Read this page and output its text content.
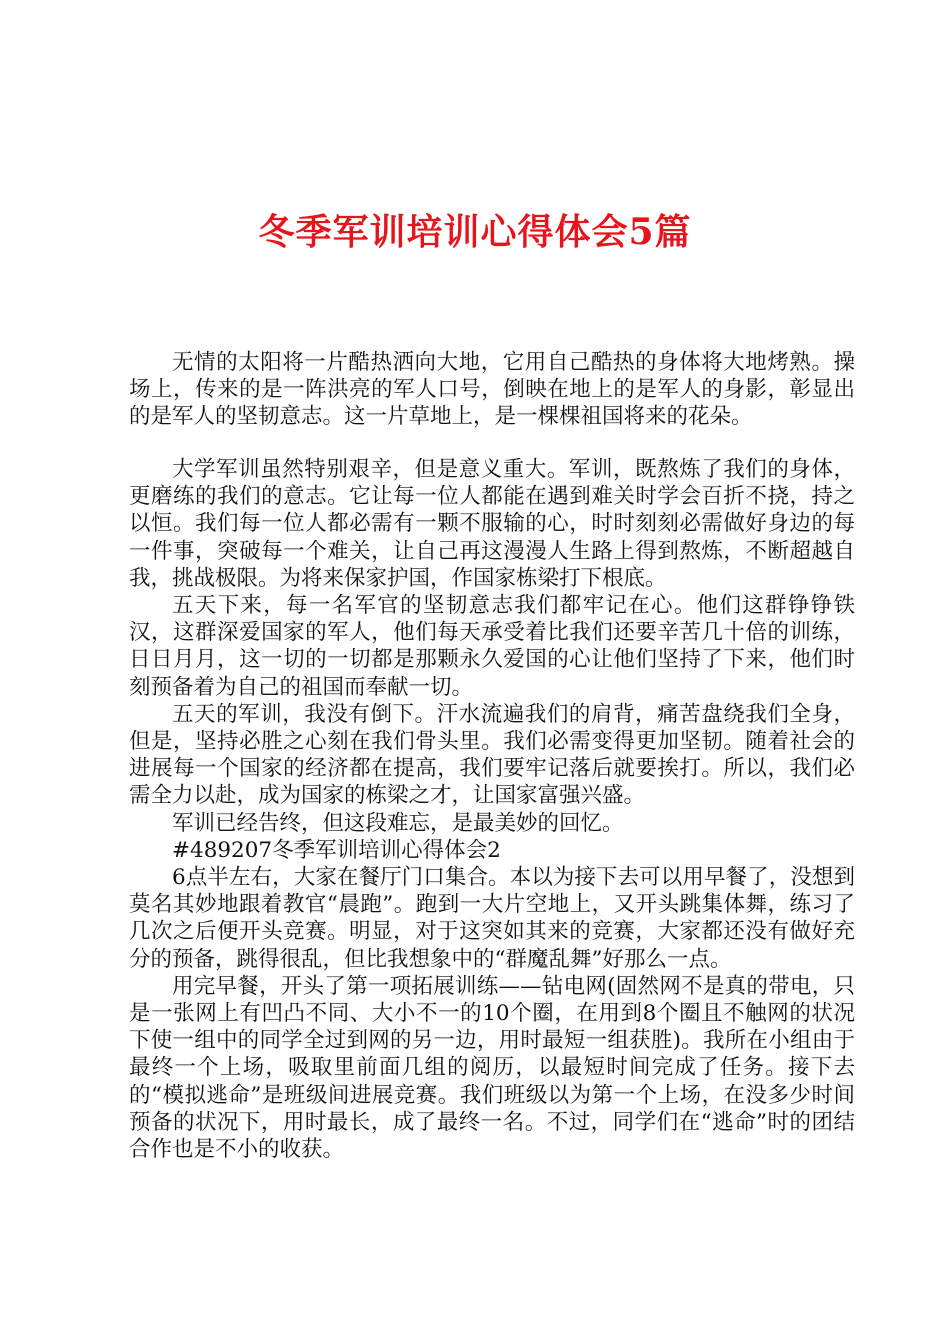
冬季军训培训心得体会5篇

无情的太阳将一片酷热洒向大地，它用自己酷热的身体将大地烤熟。操场上，传来的是一阵洪亮的军人口号，倒映在地上的是军人的身影，彰显出的是军人的坚韧意志。这一片草地上，是一棵棵祖国将来的花朵。

大学军训虽然特别艰辛，但是意义重大。军训，既熬炼了我们的身体，更磨练的我们的意志。它让每一位人都能在遇到难关时学会百折不挠，持之以恒。我们每一位人都必需有一颗不服输的心，时时刻刻必需做好身边的每一件事，突破每一个难关，让自己再这漫漫人生路上得到熬炼，不断超越自我，挑战极限。为将来保家护国，作国家栋梁打下根底。

五天下来，每一名军官的坚韧意志我们都牢记在心。他们这群铮铮铁汉，这群深爱国家的军人，他们每天承受着比我们还要辛苦几十倍的训练，日日月月，这一切的一切都是那颗永久爱国的心让他们坚持了下来，他们时刻预备着为自己的祖国而奉献一切。

五天的军训，我没有倒下。汗水流遍我们的肩背，痛苦盘绕我们全身，但是，坚持必胜之心刻在我们骨头里。我们必需变得更加坚韧。随着社会的进展每一个国家的经济都在提高，我们要牢记落后就要挨打。所以，我们必需全力以赴，成为国家的栋梁之才，让国家富强兴盛。

军训已经告终，但这段难忘，是最美妙的回忆。

#489207冬季军训培训心得体会2

6点半左右，大家在餐厅门口集合。本以为接下去可以用早餐了，没想到莫名其妙地跟着教官“晨跑”。跑到一大片空地上，又开头跳集体舞，练习了几次之后便开头竞赛。明显，对于这突如其来的竞赛，大家都还没有做好充分的预备，跳得很乱，但比我想象中的“群魔乱舞”好那么一点。

用完早餐，开头了第一项拓展训练——钻电网(固然网不是真的带电，只是一张网上有凹凸不同、大小不一的10个圈，在用到8个圈且不触网的状况下使一组中的同学全过到网的另一边，用时最短一组获胜)。我所在小组由于最终一个上场，吸取里前面几组的阅历，以最短时间完成了任务。接下去的“模拟逃命”是班级间进展竞赛。我们班级以为第一个上场，在没多少时间预备的状况下，用时最长，成了最终一名。不过，同学们在“逃命”时的团结合作也是不小的收获。
